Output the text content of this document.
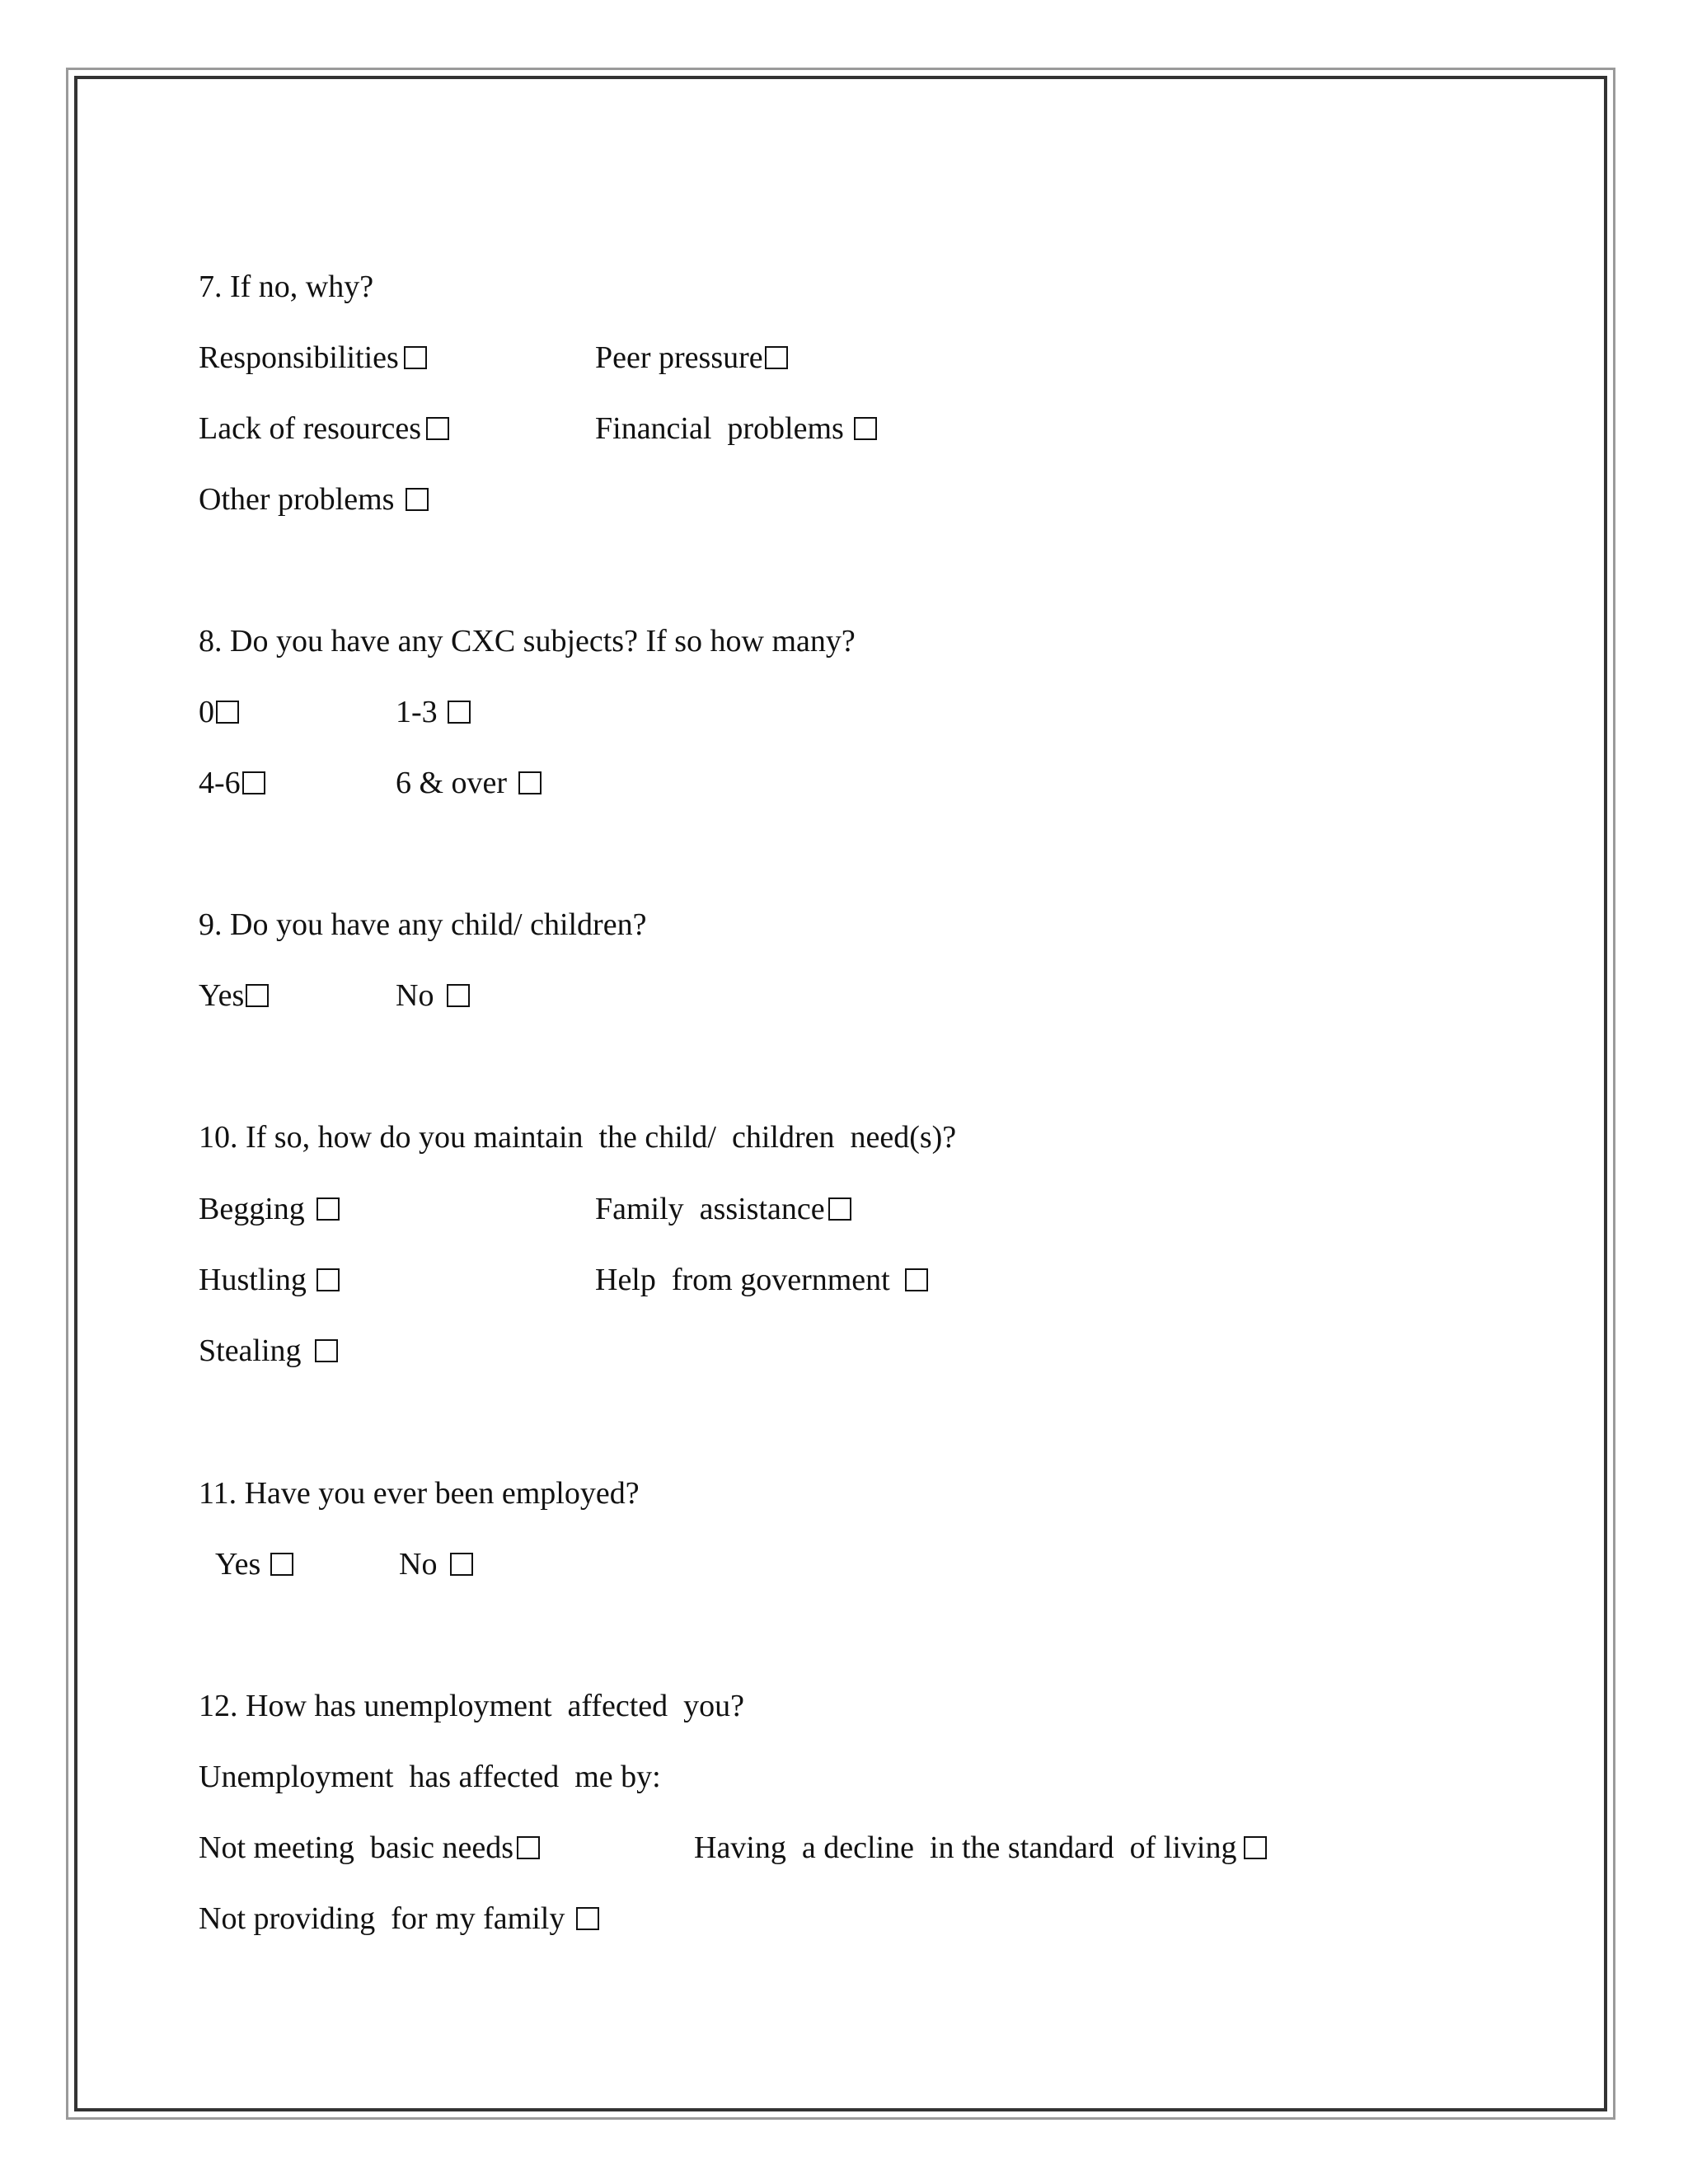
7. If no, why?
Responsibilities	Peer pressure
Lack of resources	Financial  problems
Other problems
8. Do you have any CXC subjects? If so how many?
0	1-3
4-6	6 & over
9. Do you have any child/ children?
Yes	No
10. If so, how do you maintain  the child/  children  need(s)?
Begging	Family  assistance
Hustling	Help  from government
Stealing
11. Have you ever been employed?
Yes	No
12. How has unemployment  affected  you?
Unemployment  has affected  me by:
Not meeting  basic needs	Having  a decline  in the standard  of living
Not providing  for my family
